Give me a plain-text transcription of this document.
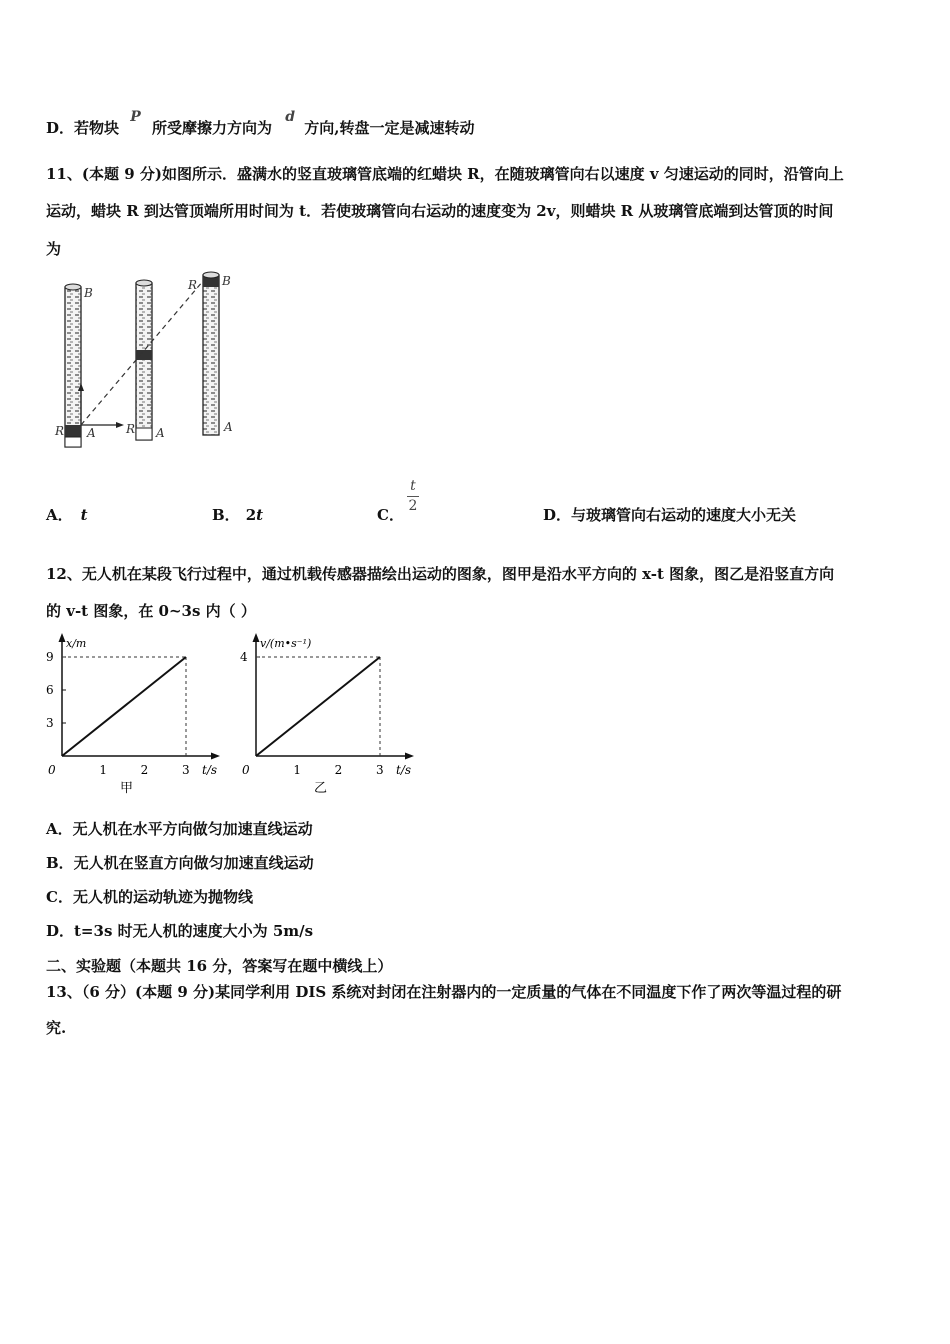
D．若物块 P 所受摩擦力方向为 d 方向,转盘一定是减速转动
11、(本题 9 分)如图所示．盛满水的竖直玻璃管底端的红蜡块 R，在随玻璃管向右以速度 v 匀速运动的同时，沿管向上
运动，蜡块 R 到达管顶端所用时间为 t．若使玻璃管向右运动的速度变为 2v，则蜡块 R 从玻璃管底端到达管顶的时间
为
B
R A	R A
R B
A
A． t	B． 2t	C．
t
2	D．与玻璃管向右运动的速度大小无关
12、无人机在某段飞行过程中，通过机载传感器描绘出运动的图象，图甲是沿水平方向的 x-t 图象，图乙是沿竖直方向
的 v-t 图象，在 0~3s 内（ ）
x/m
t/s
0	1	2	3
3
6
9
甲
v/(m•s⁻¹)
t/s
0	1	2	3
4
乙
A．无人机在水平方向做匀加速直线运动
B．无人机在竖直方向做匀加速直线运动
C．无人机的运动轨迹为抛物线
D．t=3s 时无人机的速度大小为 5m/s
二、实验题（本题共 16 分，答案写在题中横线上）
13、（6 分）(本题 9 分)某同学利用 DIS 系统对封闭在注射器内的一定质量的气体在不同温度下作了两次等温过程的研
究.
